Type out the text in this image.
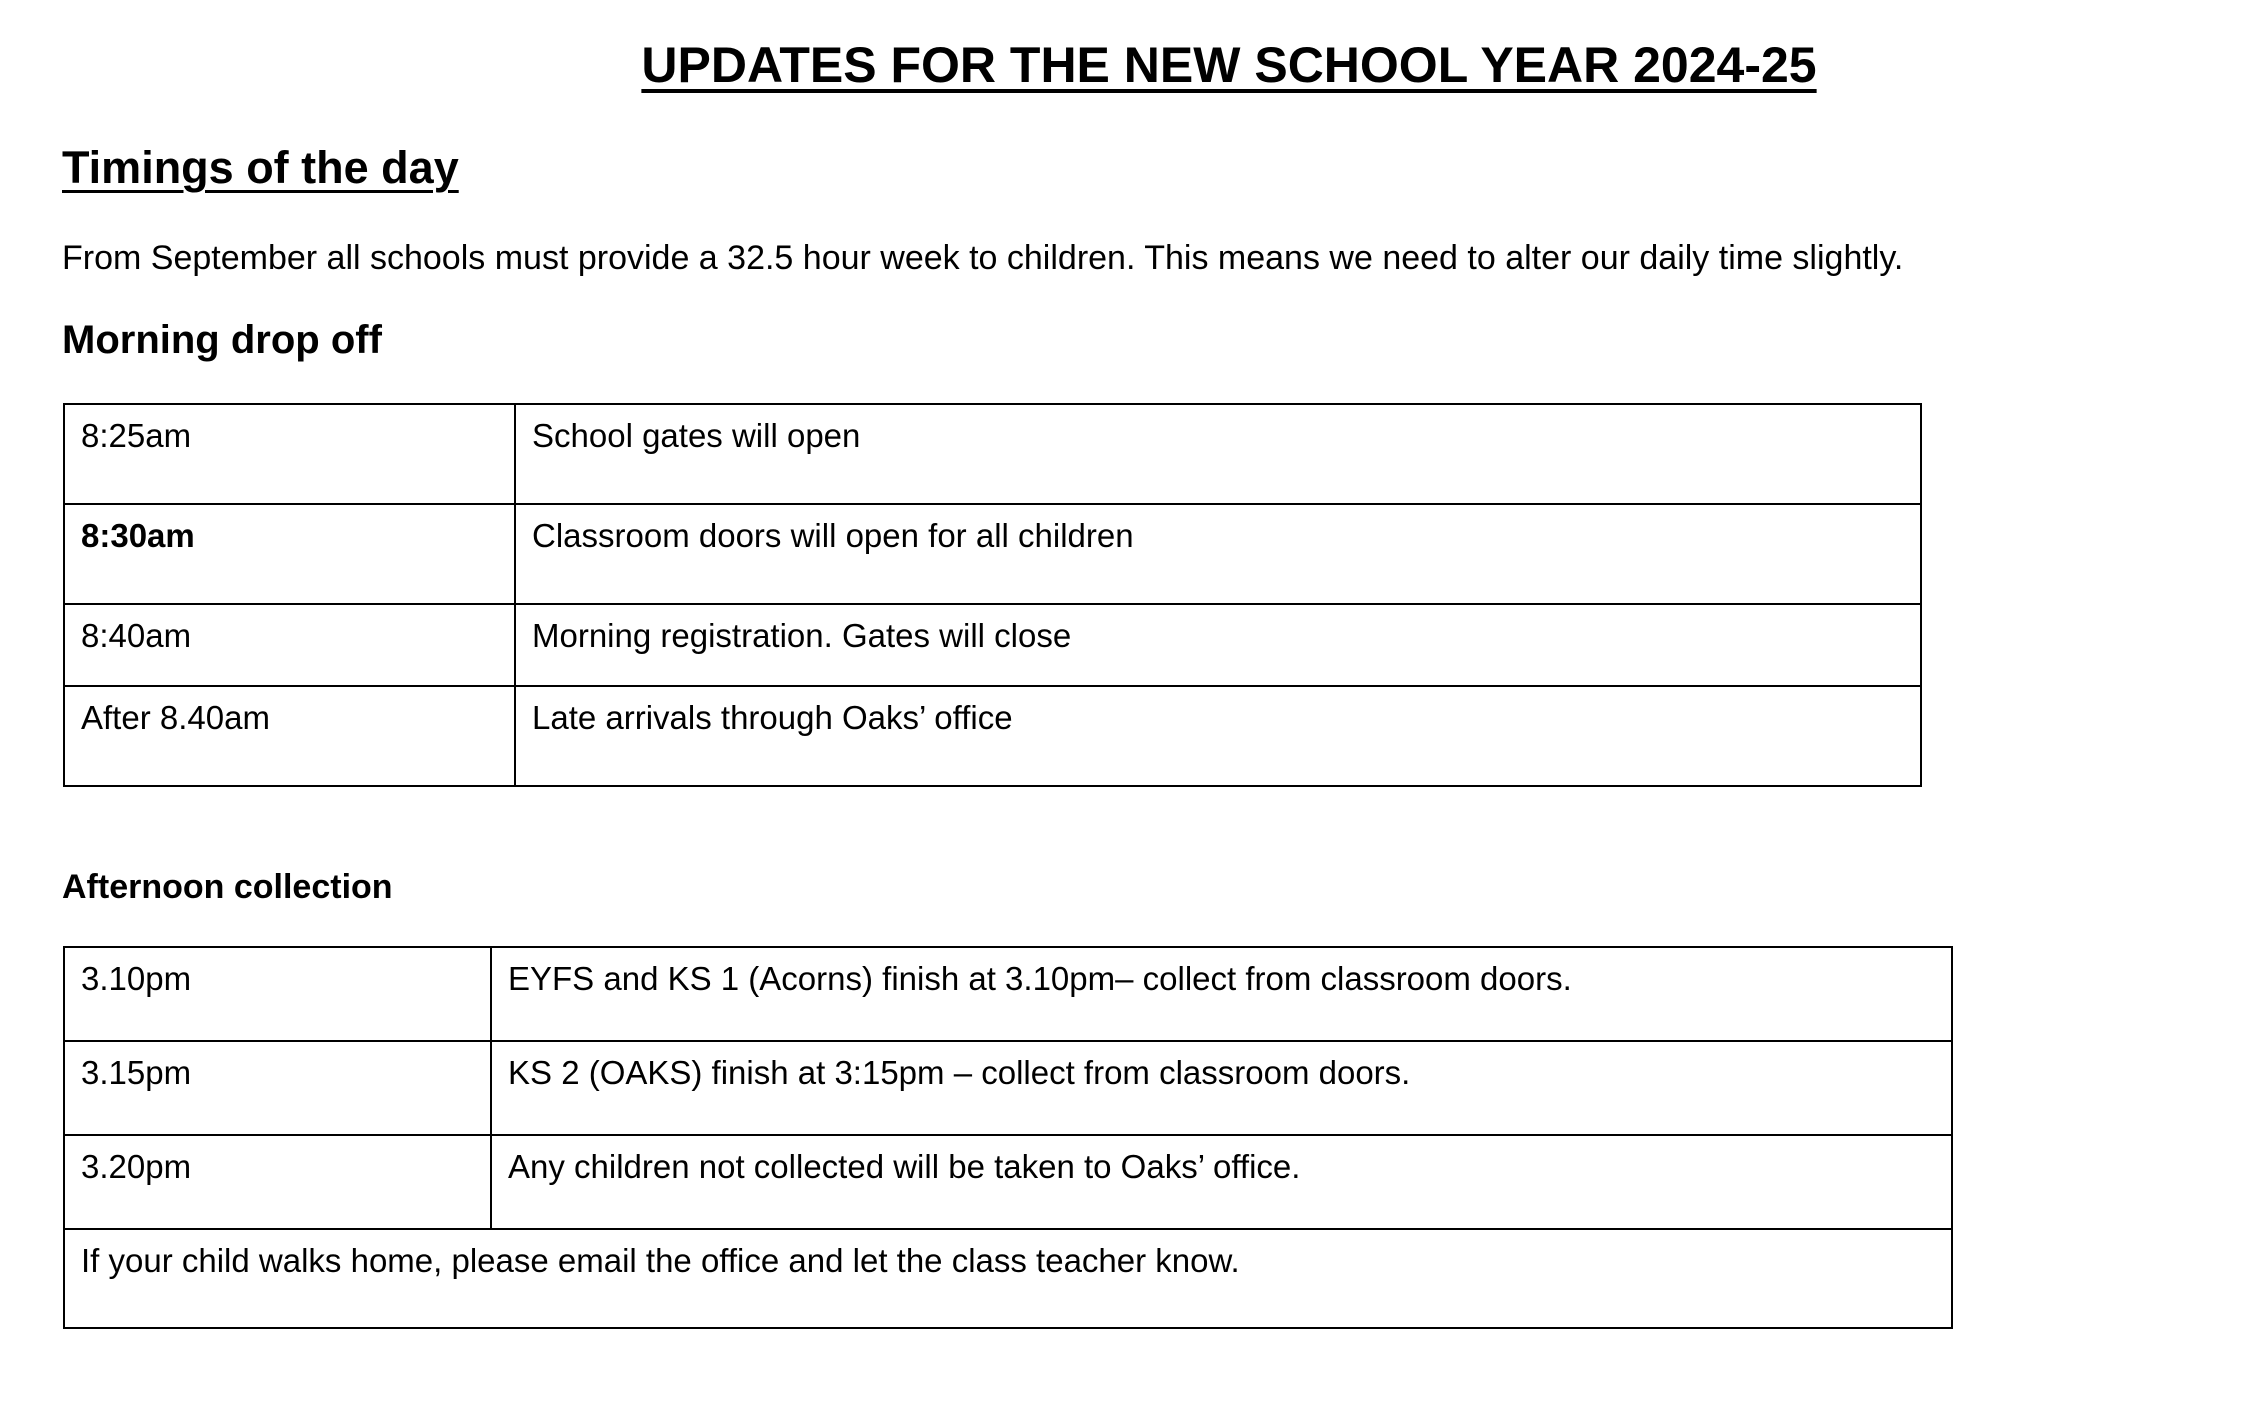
UPDATES FOR THE NEW SCHOOL YEAR 2024-25
Timings of the day
From September all schools must provide a 32.5 hour week to children. This means we need to alter our daily time slightly.
Morning drop off
8:25am	School gates will open
8:30am	Classroom doors will open for all children
8:40am	Morning registration. Gates will close
After 8.40am	Late arrivals through Oaks’ office
Afternoon collection
3.10pm	EYFS and KS 1 (Acorns) finish at 3.10pm– collect from classroom doors.
3.15pm	KS 2 (OAKS) finish at 3:15pm – collect from classroom doors.
3.20pm	Any children not collected will be taken to Oaks’ office.
If your child walks home, please email the office and let the class teacher know.	
